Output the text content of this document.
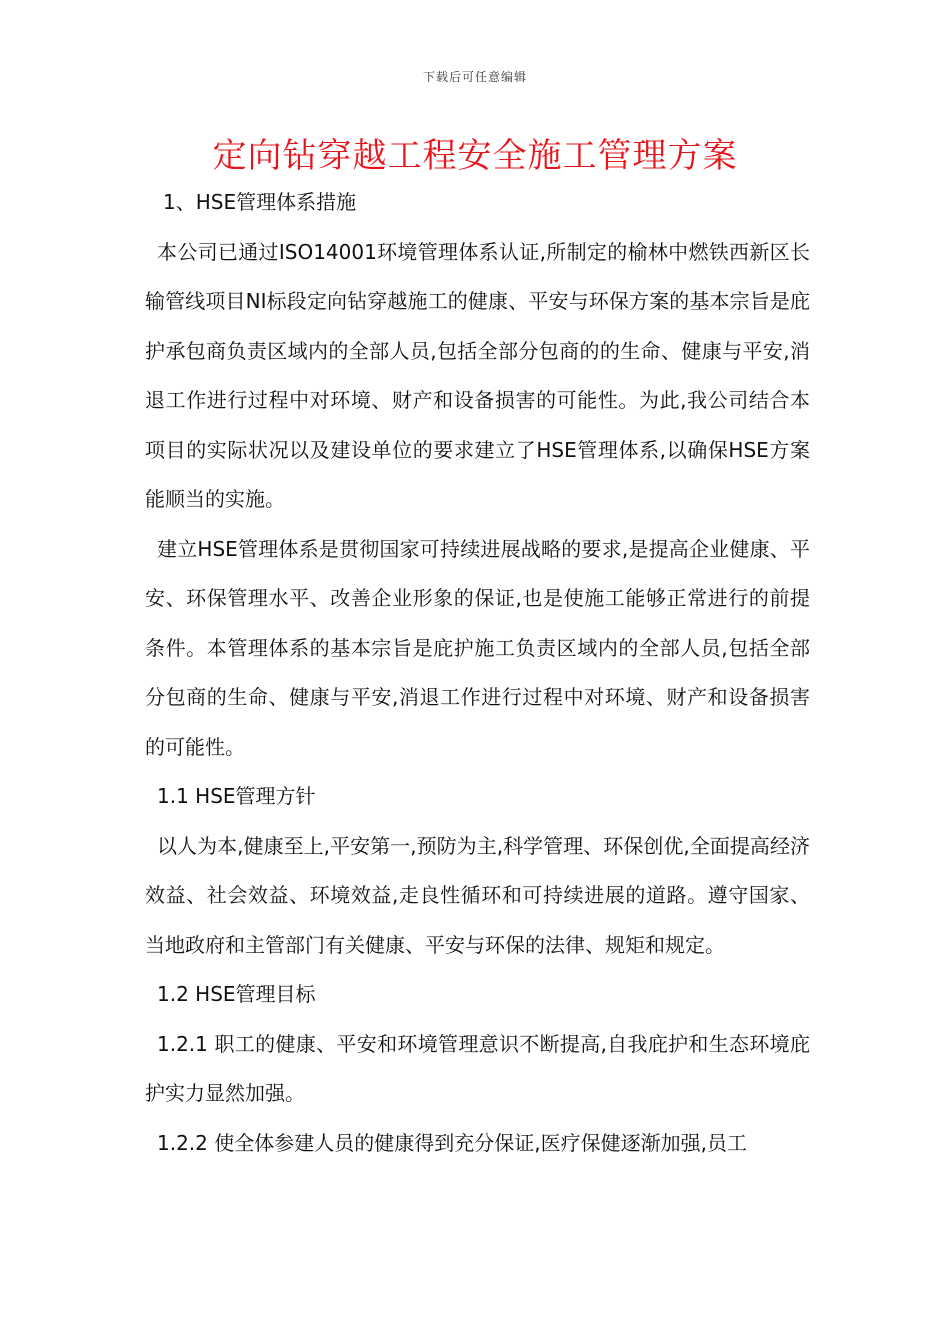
下载后可任意编辑
定向钻穿越工程安全施工管理方案

1、HSE管理体系措施

本公司已通过ISO14001环境管理体系认证,所制定的榆林中燃铁西新区长输管线项目NI标段定向钻穿越施工的健康、平安与环保方案的基本宗旨是庇护承包商负责区域内的全部人员,包括全部分包商的的生命、健康与平安,消退工作进行过程中对环境、财产和设备损害的可能性。为此,我公司结合本项目的实际状况以及建设单位的要求建立了HSE管理体系,以确保HSE方案能顺当的实施。

建立HSE管理体系是贯彻国家可持续进展战略的要求,是提高企业健康、平安、环保管理水平、改善企业形象的保证,也是使施工能够正常进行的前提条件。本管理体系的基本宗旨是庇护施工负责区域内的全部人员,包括全部分包商的生命、健康与平安,消退工作进行过程中对环境、财产和设备损害的可能性。

1.1 HSE管理方针

以人为本,健康至上,平安第一,预防为主,科学管理、环保创优,全面提高经济效益、社会效益、环境效益,走良性循环和可持续进展的道路。遵守国家、当地政府和主管部门有关健康、平安与环保的法律、规矩和规定。

1.2 HSE管理目标

1.2.1 职工的健康、平安和环境管理意识不断提高,自我庇护和生态环境庇护实力显然加强。

1.2.2 使全体参建人员的健康得到充分保证,医疗保健逐渐加强,员工
